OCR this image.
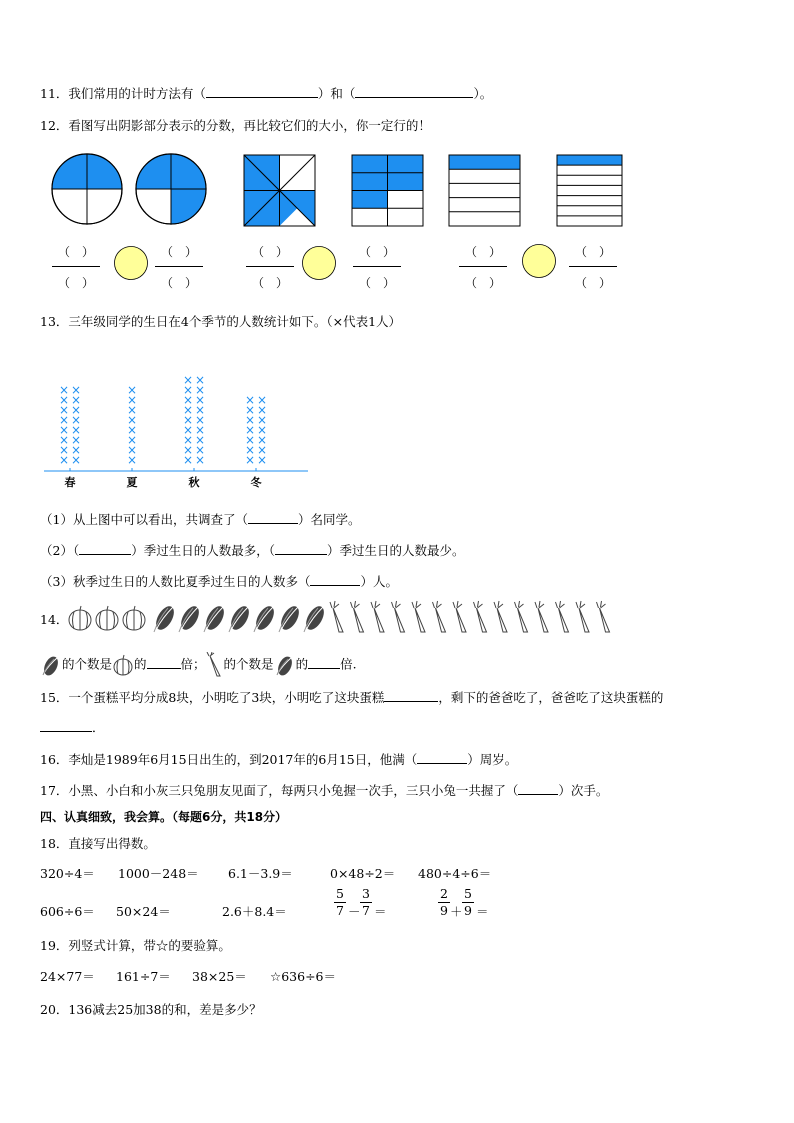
11．我们常用的计时方法有（	）和（	）。
12．看图写出阴影部分表示的分数，再比较它们的大小，你一定行的！
（　）
（　）
（　）
（　）
（　）
（　）
（　）
（　）
（　）
（　）
（　）
（　）
13．三年级同学的生日在4个季节的人数统计如下。（×代表1人）
× ×
× ×
× ×
× ×
× ×
× ×
× ×
× ×
春
×
×
×
×
×
×
×
×
夏
× ×
× ×
× ×
× ×
× ×
× ×
× ×
× ×
× ×
秋
× ×
× ×
× ×
× ×
× ×
× ×
× ×
冬
（1）从上图中可以看出，共调查了（	）名同学。
（2）（	）季过生日的人数最多，（	）季过生日的人数最少。
（3）秋季过生日的人数比夏季过生日的人数多（	）人。
14．
的个数是 的	倍； 的个数是 的	倍.
15．一个蛋糕平均分成8块，小明吃了3块，小明吃了这块蛋糕	，剩下的爸爸吃了，爸爸吃了这块蛋糕的
．
16．李灿是1989年6月15日出生的，到2017年的6月15日，他满（	）周岁。
17．小黑、小白和小灰三只兔朋友见面了，每两只小兔握一次手，三只小兔一共握了（	）次手。
四、认真细致，我会算。（每题6分，共18分）
18．直接写出得数。
320÷4＝ 1000－248＝ 6.1－3.9＝	0×48÷2＝ 480÷4÷6＝
606÷6＝ 50×24＝	2.6＋8.4＝
5
7 －
3
7 ＝
2
9 ＋
5
9 ＝
19．列竖式计算，带☆的要验算。
24×77＝ 161÷7＝ 38×25＝ ☆636÷6＝
20．136减去25加38的和，差是多少？
